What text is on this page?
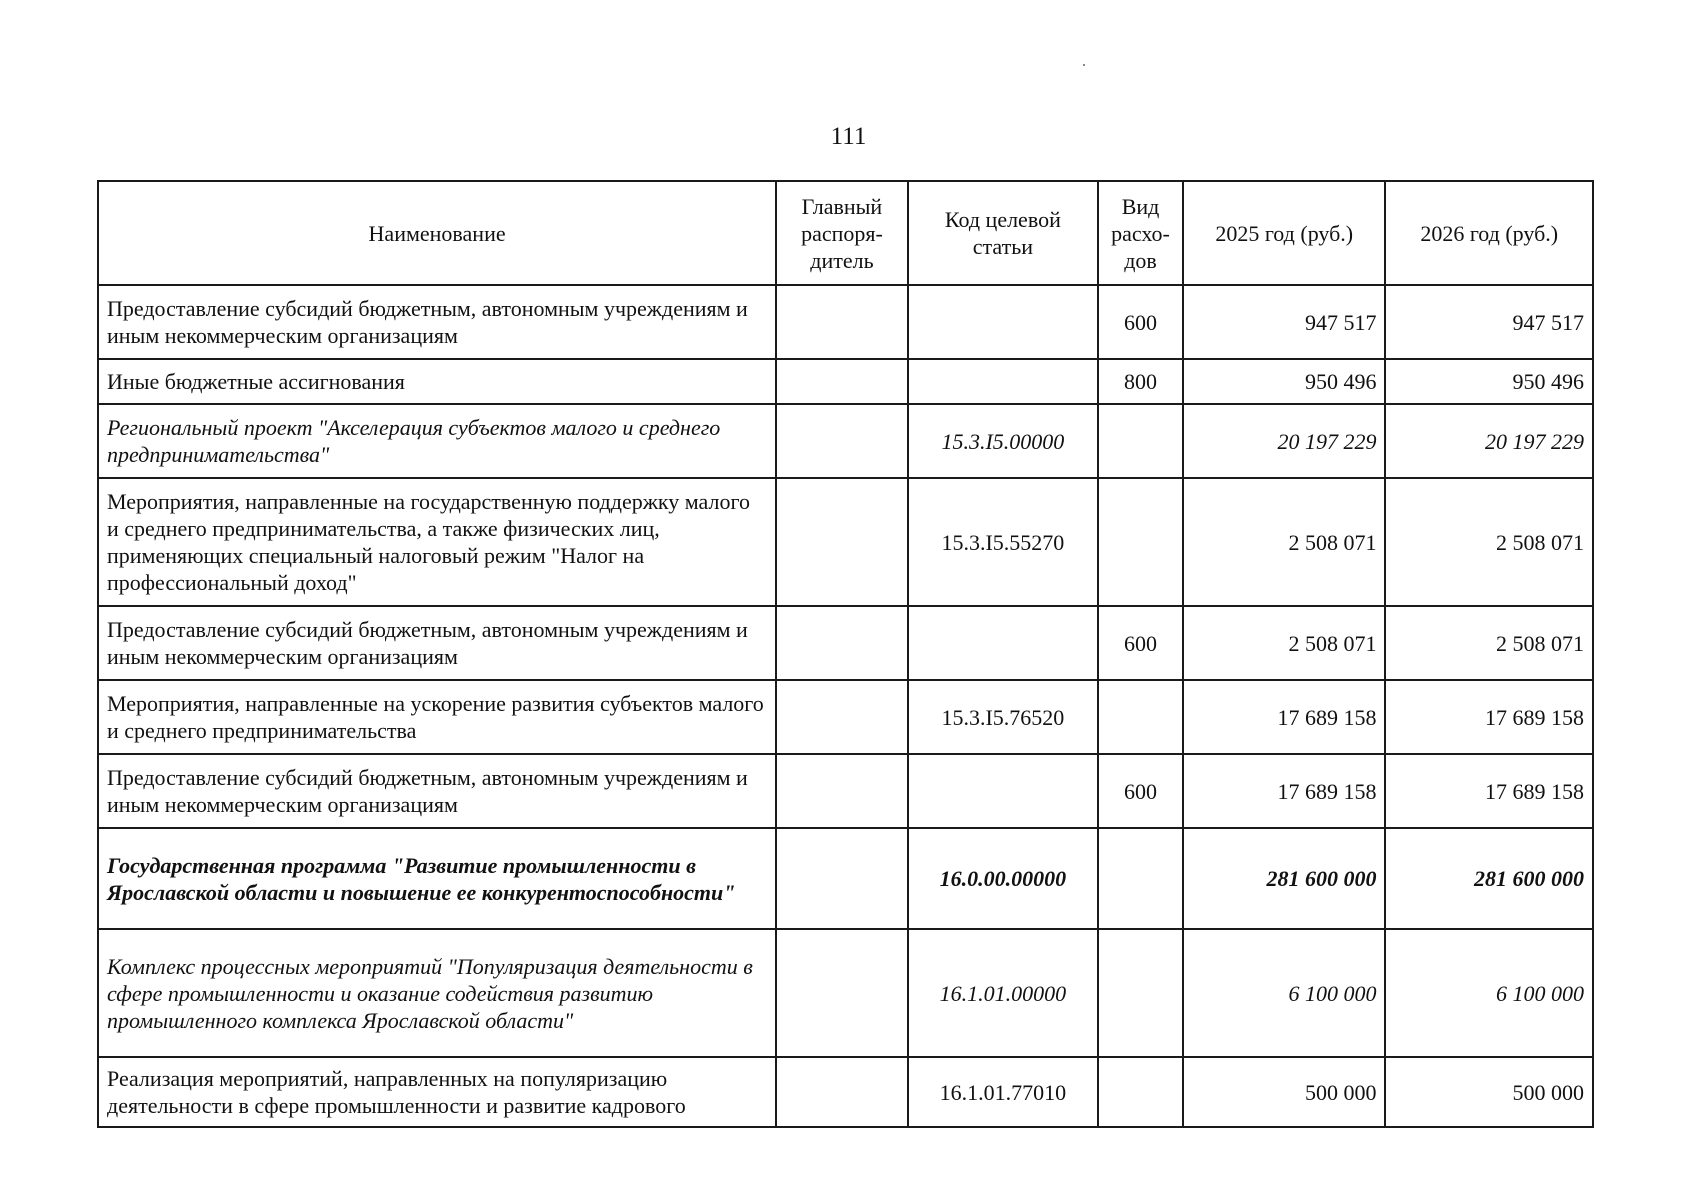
111
Наименование	Главный распоря-дитель	Код целевой статьи	Вид расхо-дов	2025 год (руб.)	2026 год (руб.)
Предоставление субсидий бюджетным, автономным учреждениям и иным некоммерческим организациям			600	947 517	947 517
Иные бюджетные ассигнования			800	950 496	950 496
Региональный проект "Акселерация субъектов малого и среднего предпринимательства"		15.3.I5.00000		20 197 229	20 197 229
Мероприятия, направленные на государственную поддержку малого и среднего предпринимательства, а также физических лиц, применяющих специальный налоговый режим "Налог на профессиональный доход"		15.3.I5.55270		2 508 071	2 508 071
Предоставление субсидий бюджетным, автономным учреждениям и иным некоммерческим организациям			600	2 508 071	2 508 071
Мероприятия, направленные на ускорение развития субъектов малого и среднего предпринимательства		15.3.I5.76520		17 689 158	17 689 158
Предоставление субсидий бюджетным, автономным учреждениям и иным некоммерческим организациям			600	17 689 158	17 689 158
Государственная программа "Развитие промышленности в Ярославской области и повышение ее конкурентоспособности"		16.0.00.00000		281 600 000	281 600 000
Комплекс процессных мероприятий "Популяризация деятельности в сфере промышленности и оказание содействия развитию промышленного комплекса Ярославской области"		16.1.01.00000		6 100 000	6 100 000
Реализация мероприятий, направленных на популяризацию деятельности в сфере промышленности и развитие кадрового		16.1.01.77010		500 000	500 000
